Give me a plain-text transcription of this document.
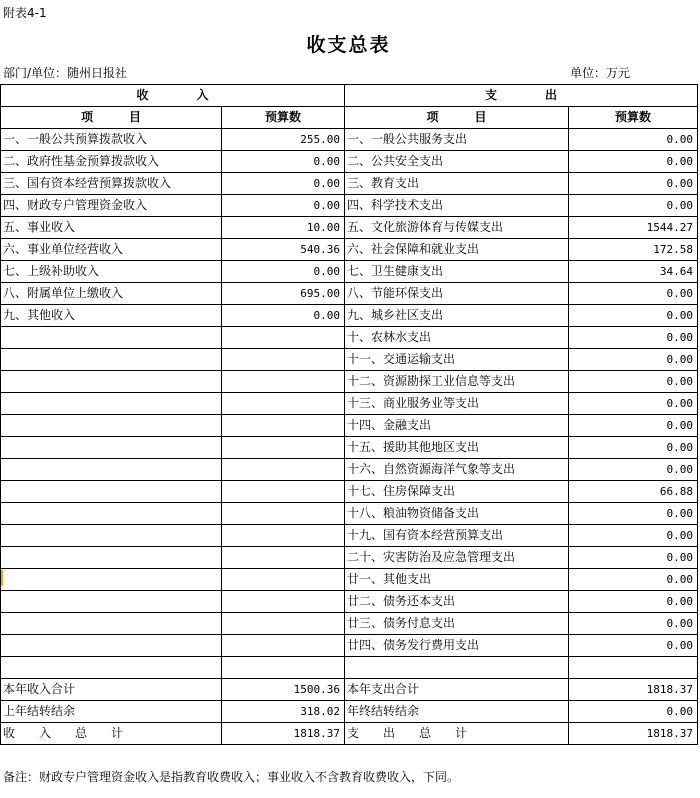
附表4-1
收支总表
部门/单位：随州日报社	单位：万元
收　　　　入		支　　　　出	
项　　　目	预算数	项　　　目	预算数
一、一般公共预算拨款收入	255.00	一、一般公共服务支出	0.00
二、政府性基金预算拨款收入	0.00	二、公共安全支出	0.00
三、国有资本经营预算拨款收入	0.00	三、教育支出	0.00
四、财政专户管理资金收入	0.00	四、科学技术支出	0.00
五、事业收入	10.00	五、文化旅游体育与传媒支出	1544.27
六、事业单位经营收入	540.36	六、社会保障和就业支出	172.58
七、上级补助收入	0.00	七、卫生健康支出	34.64
八、附属单位上缴收入	695.00	八、节能环保支出	0.00
九、其他收入	0.00	九、城乡社区支出	0.00
		十、农林水支出	0.00
		十一、交通运输支出	0.00
		十二、资源勘探工业信息等支出	0.00
		十三、商业服务业等支出	0.00
		十四、金融支出	0.00
		十五、援助其他地区支出	0.00
		十六、自然资源海洋气象等支出	0.00
		十七、住房保障支出	66.88
		十八、粮油物资储备支出	0.00
		十九、国有资本经营预算支出	0.00
		二十、灾害防治及应急管理支出	0.00
		廿一、其他支出	0.00
		廿二、债务还本支出	0.00
		廿三、债务付息支出	0.00
		廿四、债务发行费用支出	0.00

本年收入合计	1500.36	本年支出合计	1818.37
上年结转结余	318.02	年终结转结余	0.00
收　　入　　总　　计	1818.37	支　　出　　总　　计	1818.37
备注：财政专户管理资金收入是指教育收费收入；事业收入不含教育收费收入，下同。
